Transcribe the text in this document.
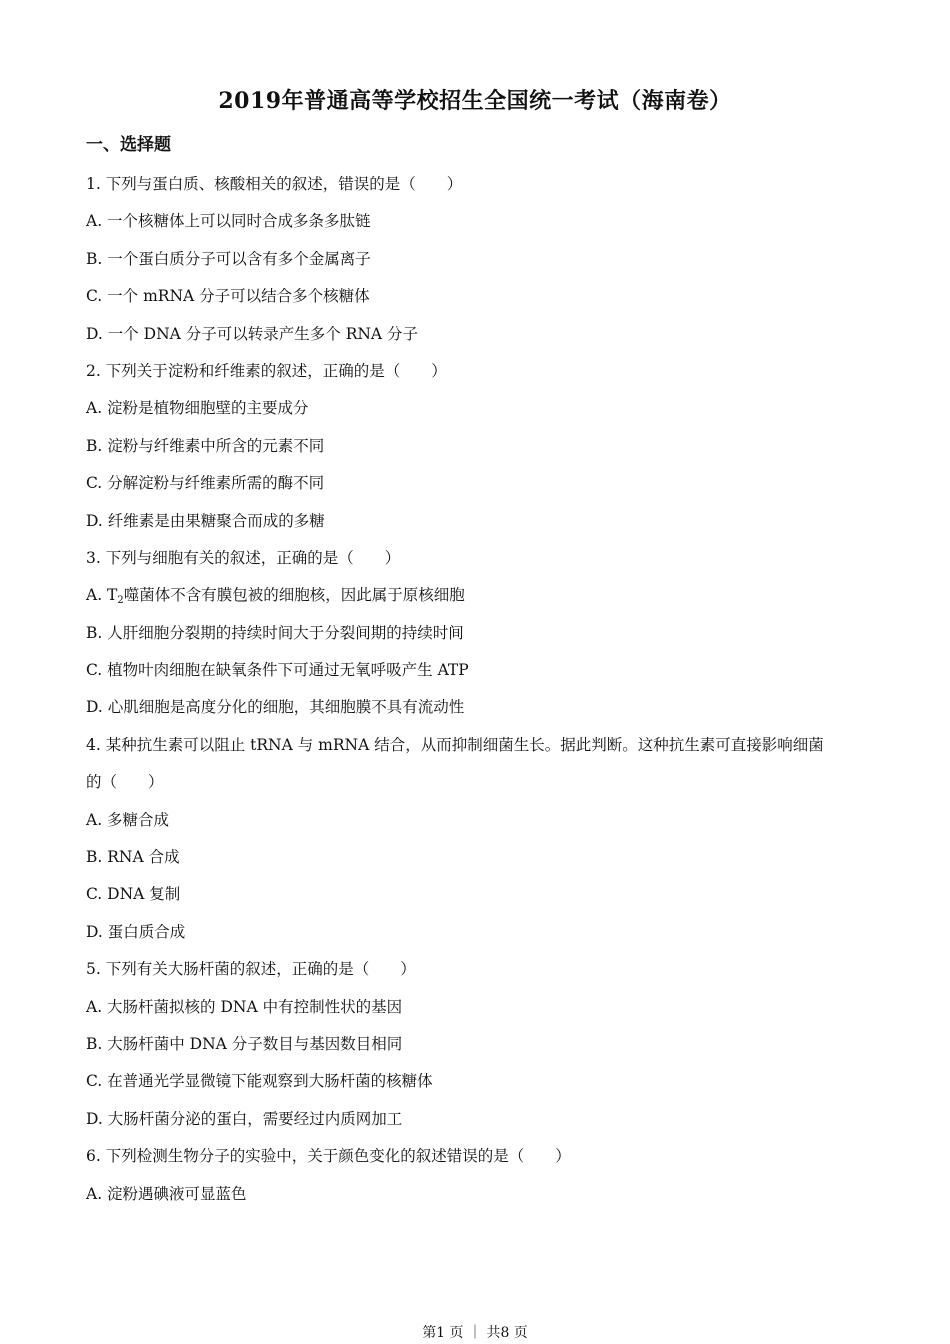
2019年普通高等学校招生全国统一考试（海南卷）
一、选择题
1. 下列与蛋白质、核酸相关的叙述，错误的是（　　）
A. 一个核糖体上可以同时合成多条多肽链
B. 一个蛋白质分子可以含有多个金属离子
C. 一个 mRNA 分子可以结合多个核糖体
D. 一个 DNA 分子可以转录产生多个 RNA 分子
2. 下列关于淀粉和纤维素的叙述，正确的是（　　）
A. 淀粉是植物细胞壁的主要成分
B. 淀粉与纤维素中所含的元素不同
C. 分解淀粉与纤维素所需的酶不同
D. 纤维素是由果糖聚合而成的多糖
3. 下列与细胞有关的叙述，正确的是（　　）
A. $T_2$噬菌体不含有膜包被的细胞核，因此属于原核细胞
B. 人肝细胞分裂期的持续时间大于分裂间期的持续时间
C. 植物叶肉细胞在缺氧条件下可通过无氧呼吸产生 ATP
D. 心肌细胞是高度分化的细胞，其细胞膜不具有流动性
4. 某种抗生素可以阻止 tRNA 与 mRNA 结合，从而抑制细菌生长。据此判断。这种抗生素可直接影响细菌
的（　　）
A. 多糖合成
B. RNA 合成
C. DNA 复制
D. 蛋白质合成
5. 下列有关大肠杆菌的叙述，正确的是（　　）
A. 大肠杆菌拟核的 DNA 中有控制性状的基因
B. 大肠杆菌中 DNA 分子数目与基因数目相同
C. 在普通光学显微镜下能观察到大肠杆菌的核糖体
D. 大肠杆菌分泌的蛋白，需要经过内质网加工
6. 下列检测生物分子的实验中，关于颜色变化的叙述错误的是（　　）
A. 淀粉遇碘液可显蓝色
第1 页 ｜ 共8 页
